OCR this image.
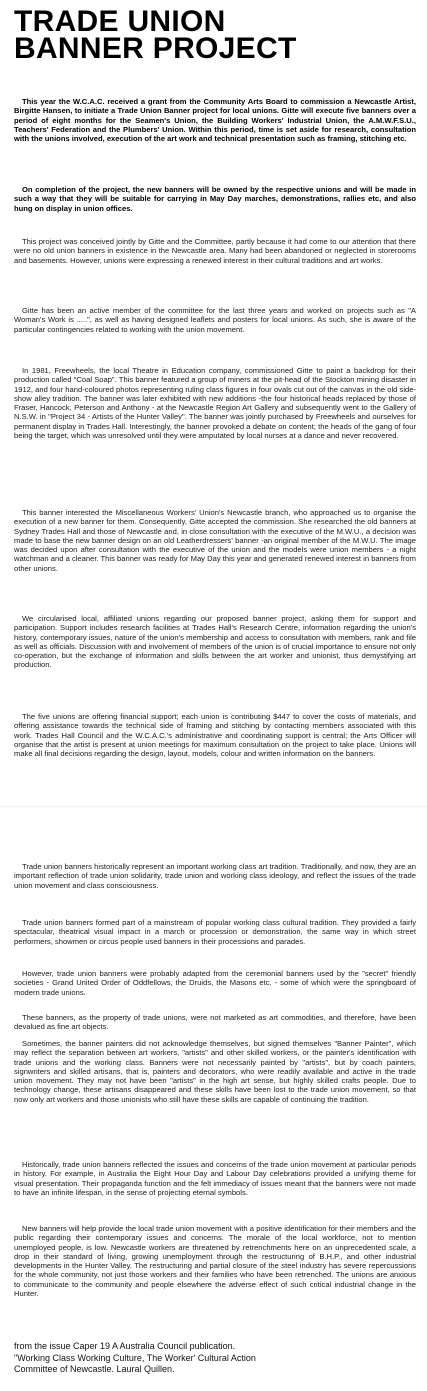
TRADE UNION
BANNER PROJECT

This year the W.C.A.C. received a grant from the Community Arts Board to commission a Newcastle Artist, Birgitte Hansen, to initiate a Trade Union Banner project for local unions. Gitte will execute five banners over a period of eight months for the Seamen's Union, the Building Workers' Industrial Union, the A.M.W.F.S.U., Teachers' Federation and the Plumbers' Union. Within this period, time is set aside for research, consultation with the unions involved, execution of the art work and technical presentation such as framing, stitching etc.

On completion of the project, the new banners will be owned by the respective unions and will be made in such a way that they will be suitable for carrying in May Day marches, demonstrations, rallies etc, and also hung on display in union offices.

This project was conceived jointly by Gitte and the Committee, partly because it had come to our attention that there were no old union banners in existence in the Newcastle area. Many had been abandoned or neglected in storerooms and basements. However, unions were expressing a renewed interest in their cultural traditions and art works.

Gitte has been an active member of the committee for the last three years and worked on projects such as "A Woman's Work is .....", as well as having designed leaflets and posters for local unions. As such, she is aware of the particular contingencies related to working with the union movement.

In 1981, Freewheels, the local Theatre in Education company, commissioned Gitte to paint a backdrop for their production called "Coal Soap". This banner featured a group of miners at the pit-head of the Stockton mining disaster in 1912, and four hand-coloured photos representing ruling class figures in four ovals cut out of the canvas in the old side-show alley tradition. The banner was later exhibited with new additions -the four historical heads replaced by those of Fraser, Hancock, Peterson and Anthony - at the Newcastle Region Art Gallery and subsequently went to the Gallery of N.S.W. in "Project 34 - Artists of the Hunter Valley". The banner was jointly purchased by Freewheels and ourselves for permanent display in Trades Hall. Interestingly, the banner provoked a debate on content; the heads of the gang of four being the target, which was unresolved until they were amputated by local nurses at a dance and never recovered.

This banner interested the Miscellaneous Workers' Union's Newcastle branch, who approached us to organise the execution of a new banner for them. Consequently, Gitte accepted the commission. She researched the old banners at Sydney Trades Hall and those of Newcastle and, in close consultation with the executive of the M.W.U., a decision was made to base the new banner design on an old Leatherdressers' banner -an original member of the M.W.U. The image was decided upon after consultation with the executive of the union and the models were union members - a night watchman and a cleaner. This banner was ready for May Day this year and generated renewed interest in banners from other unions.

We circularised local, affiliated unions regarding our proposed banner project, asking them for support and participation. Support includes research facilities at Trades Hall's Research Centre, information regarding the union's history, contemporary issues, nature of the union's membership and access to consultation with members, rank and file as well as officials. Discussion with and involvement of members of the union is of crucial importance to ensure not only co-operation, but the exchange of information and skills between the art worker and unionist, thus demystifying art production.

The five unions are offering financial support; each union is contributing $447 to cover the costs of materials, and offering assistance towards the technical side of framing and stitching by contacting members associated with this work. Trades Hall Council and the W.C.A.C.'s administrative and coordinating support is central; the Arts Officer will organise that the artist is present at union meetings for maximum consultation on the project to take place. Unions will make all final decisions regarding the design, layout, models, colour and written information on the banners.

Trade union banners historically represent an important working class art tradition. Traditionally, and now, they are an important reflection of trade union solidarity, trade union and working class ideology, and reflect the issues of the trade union movement and class consciousness.

Trade union banners formed part of a mainstream of popular working class cultural tradition. They provided a fairly spectacular, theatrical visual impact in a march or procession or demonstration, the same way in which street performers, showmen or circus people used banners in their processions and parades.

However, trade union banners were probably adapted from the ceremonial banners used by the "secret" friendly societies - Grand United Order of Oddfellows, the Druids, the Masons etc. - some of which were the springboard of modern trade unions.

These banners, as the property of trade unions, were not marketed as art commodities, and therefore, have been devalued as fine art objects.

Sometimes, the banner painters did not acknowledge themselves, but signed themselves "Banner Painter", which may reflect the separation between art workers, "artists" and other skilled workers, or the painter's identification with trade unions and the working class. Banners were not necessarily painted by "artists", but by coach painters, signwriters and skilled artisans, that is, painters and decorators, who were readily available and active in the trade union movement. They may not have been "artists" in the high art sense, but highly skilled crafts people. Due to technology change, these artisans disappeared and these skills have been lost to the trade union movement, so that now only art workers and those unionists who still have these skills are capable of continuing the tradition.

Historically, trade union banners reflected the issues and concerns of the trade union movement at particular periods in history. For example, in Australia the Eight Hour Day and Labour Day celebrations provided a unifying theme for visual presentation. Their propaganda function and the felt immediacy of issues meant that the banners were not made to have an infinite lifespan, in the sense of projecting eternal symbols.

New banners will help provide the local trade union movement with a positive identification for their members and the public regarding their contemporary issues and concerns. The morale of the local workforce, not to mention unemployed people, is low. Newcastle workers are threatened by retrenchments here on an unprecedented scale, a drop in their standard of living, growing unemployment through the restructuring of B.H.P., and other industrial developments in the Hunter Valley. The restructuring and partial closure of the steel industry has severe repercussions for the whole community, not just those workers and their families who have been retrenched. The unions are anxious to communicate to the community and people elsewhere the adverse effect of such critical industrial change in the Hunter.

from the issue Caper 19 A Australia Council publication.
"Working Class Working Culture, The Worker' Cultural Action
Committee of Newcastle. Laural Quillen.
